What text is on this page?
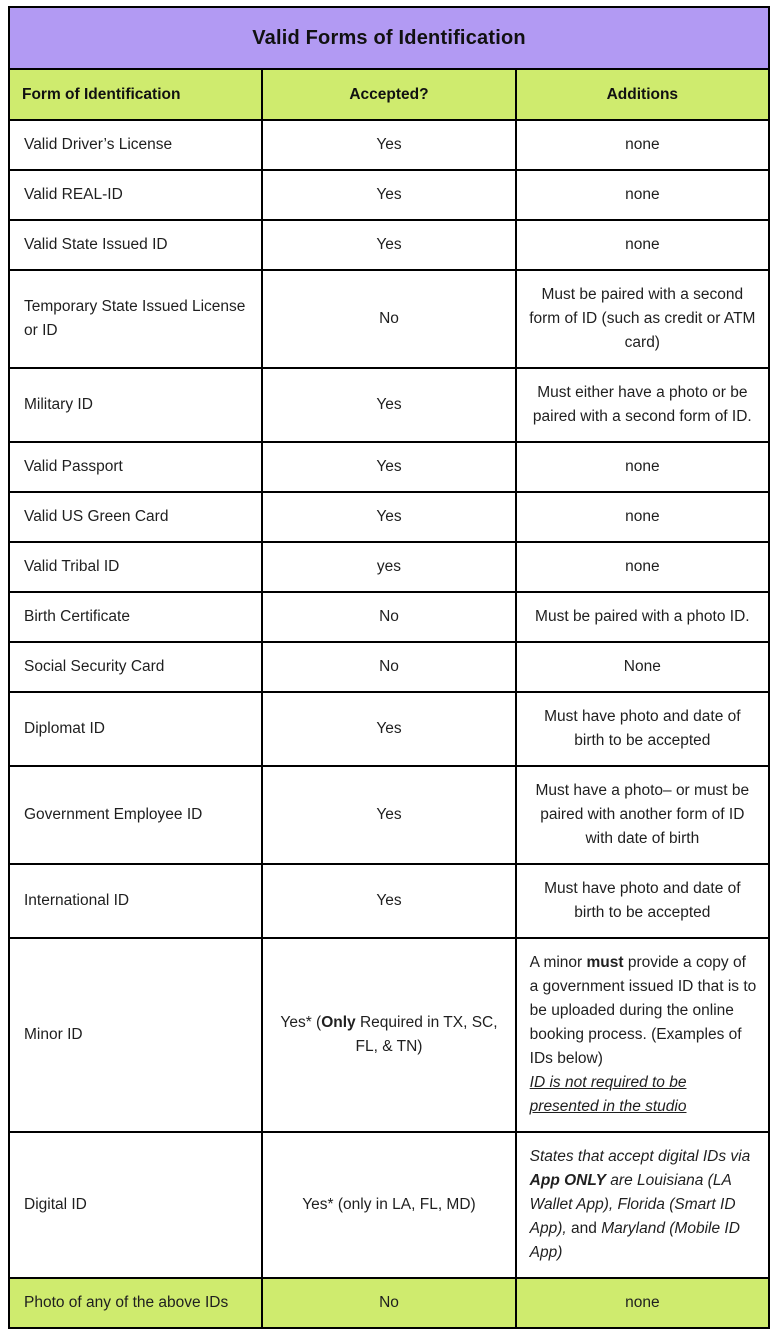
Valid Forms of Identification		
Form of Identification	Accepted?	Additions
Valid Driver’s License	Yes	none
Valid REAL-ID	Yes	none
Valid State Issued ID	Yes	none
Temporary State Issued License or ID	No	Must be paired with a second form of ID (such as credit or ATM card)
Military ID	Yes	Must either have a photo or be paired with a second form of ID.
Valid Passport	Yes	none
Valid US Green Card	Yes	none
Valid Tribal ID	yes	none
Birth Certificate	No	Must be paired with a photo ID.
Social Security Card	No	None
Diplomat ID	Yes	Must have photo and date of birth to be accepted
Government Employee ID	Yes	Must have a photo– or must be paired with another form of ID with date of birth
International ID	Yes	Must have photo and date of birth to be accepted
Minor ID	Yes* (Only Required in TX, SC, FL, & TN)	A minor must provide a copy of a government issued ID that is to be uploaded during the online booking process. (Examples of IDs below)
ID is not required to be presented in the studio
Digital ID	Yes* (only in LA, FL, MD)	States that accept digital IDs via App ONLY are Louisiana (LA Wallet App), Florida (Smart ID App), and Maryland (Mobile ID App)
Photo of any of the above IDs	No	none
